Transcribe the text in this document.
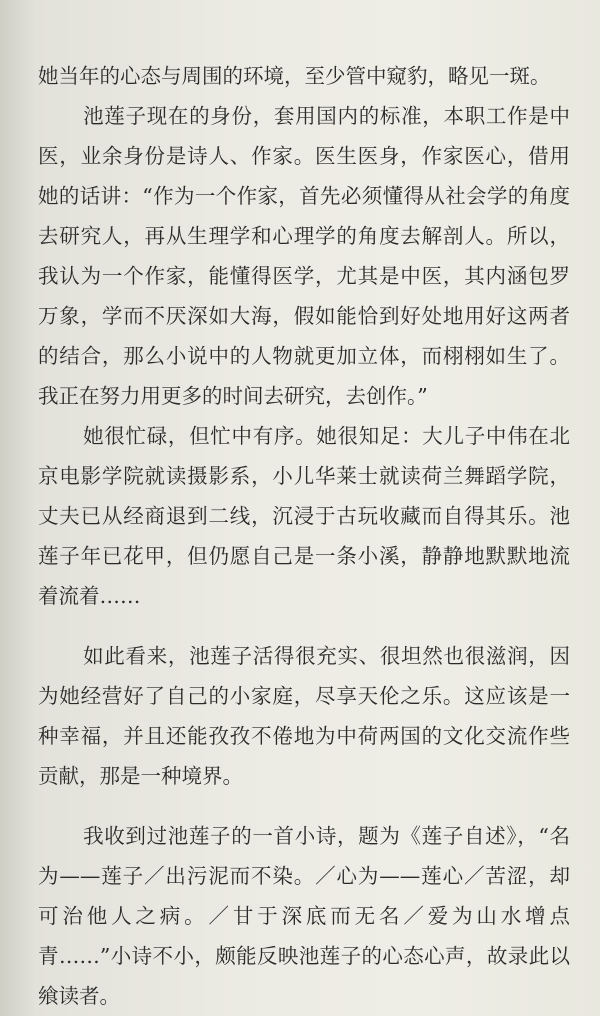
她当年的心态与周围的环境，至少管中窥豹，略见一斑。

池莲子现在的身份，套用国内的标准，本职工作是中医，业余身份是诗人、作家。医生医身，作家医心，借用她的话讲：“作为一个作家，首先必须懂得从社会学的角度去研究人，再从生理学和心理学的角度去解剖人。所以，我认为一个作家，能懂得医学，尤其是中医，其内涵包罗万象，学而不厌深如大海，假如能恰到好处地用好这两者的结合，那么小说中的人物就更加立体，而栩栩如生了。我正在努力用更多的时间去研究，去创作。”

她很忙碌，但忙中有序。她很知足：大儿子中伟在北京电影学院就读摄影系，小儿华莱士就读荷兰舞蹈学院，丈夫已从经商退到二线，沉浸于古玩收藏而自得其乐。池莲子年已花甲，但仍愿自己是一条小溪，静静地默默地流着流着……

如此看来，池莲子活得很充实、很坦然也很滋润，因为她经营好了自己的小家庭，尽享天伦之乐。这应该是一种幸福，并且还能孜孜不倦地为中荷两国的文化交流作些贡献，那是一种境界。

我收到过池莲子的一首小诗，题为《莲子自述》，“名为——莲子／出污泥而不染。／心为——莲心／苦涩，却可治他人之病。／甘于深底而无名／爱为山水增点青……”小诗不小，颇能反映池莲子的心态心声，故录此以飨读者。
